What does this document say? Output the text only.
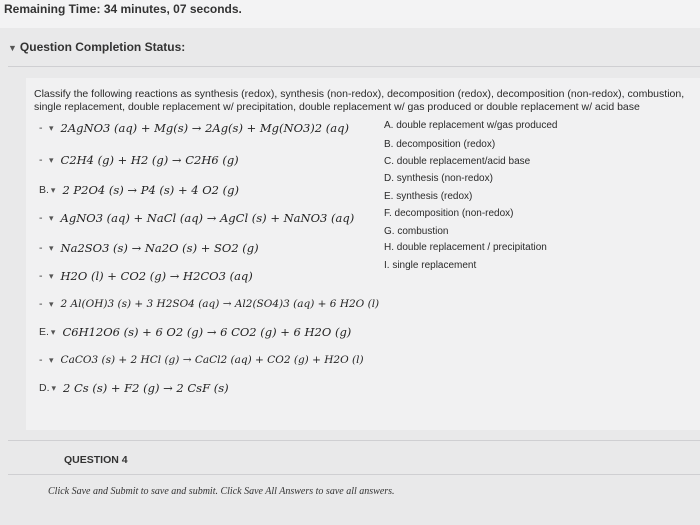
Remaining Time: 34 minutes, 07 seconds.
▼ Question Completion Status:
Classify the following reactions as synthesis (redox), synthesis (non-redox), decomposition (redox), decomposition (non-redox), combustion, single replacement, double replacement w/ precipitation, double replacement w/ gas produced or double replacement w/ acid base
- ▾ 2AgNO3 (aq) + Mg(s) → 2Ag(s) + Mg(NO3)2 (aq)
- ▾ C2H4 (g) + H2 (g) → C2H6 (g)
B. ▾ 2 P2O4 (s) → P4 (s) + 4 O2 (g)
- ▾ AgNO3 (aq) + NaCl (aq) → AgCl (s) + NaNO3 (aq)
- ▾ Na2SO3 (s) → Na2O (s) + SO2 (g)
- ▾ H2O (l) + CO2 (g) → H2CO3 (aq)
- ▾ 2 Al(OH)3 (s) + 3 H2SO4 (aq) → Al2(SO4)3 (aq) + 6 H2O (l)
E. ▾ C6H12O6 (s) + 6 O2 (g) → 6 CO2 (g) + 6 H2O (g)
- ▾ CaCO3 (s) + 2 HCl (g) → CaCl2 (aq) + CO2 (g) + H2O (l)
D. ▾ 2 Cs (s) + F2 (g) → 2 CsF (s)
A. double replacement w/gas produced
B. decomposition (redox)
C. double replacement/acid base
D. synthesis (non-redox)
E. synthesis (redox)
F. decomposition (non-redox)
G. combustion
H. double replacement / precipitation
I. single replacement
QUESTION 4
Click Save and Submit to save and submit. Click Save All Answers to save all answers.
